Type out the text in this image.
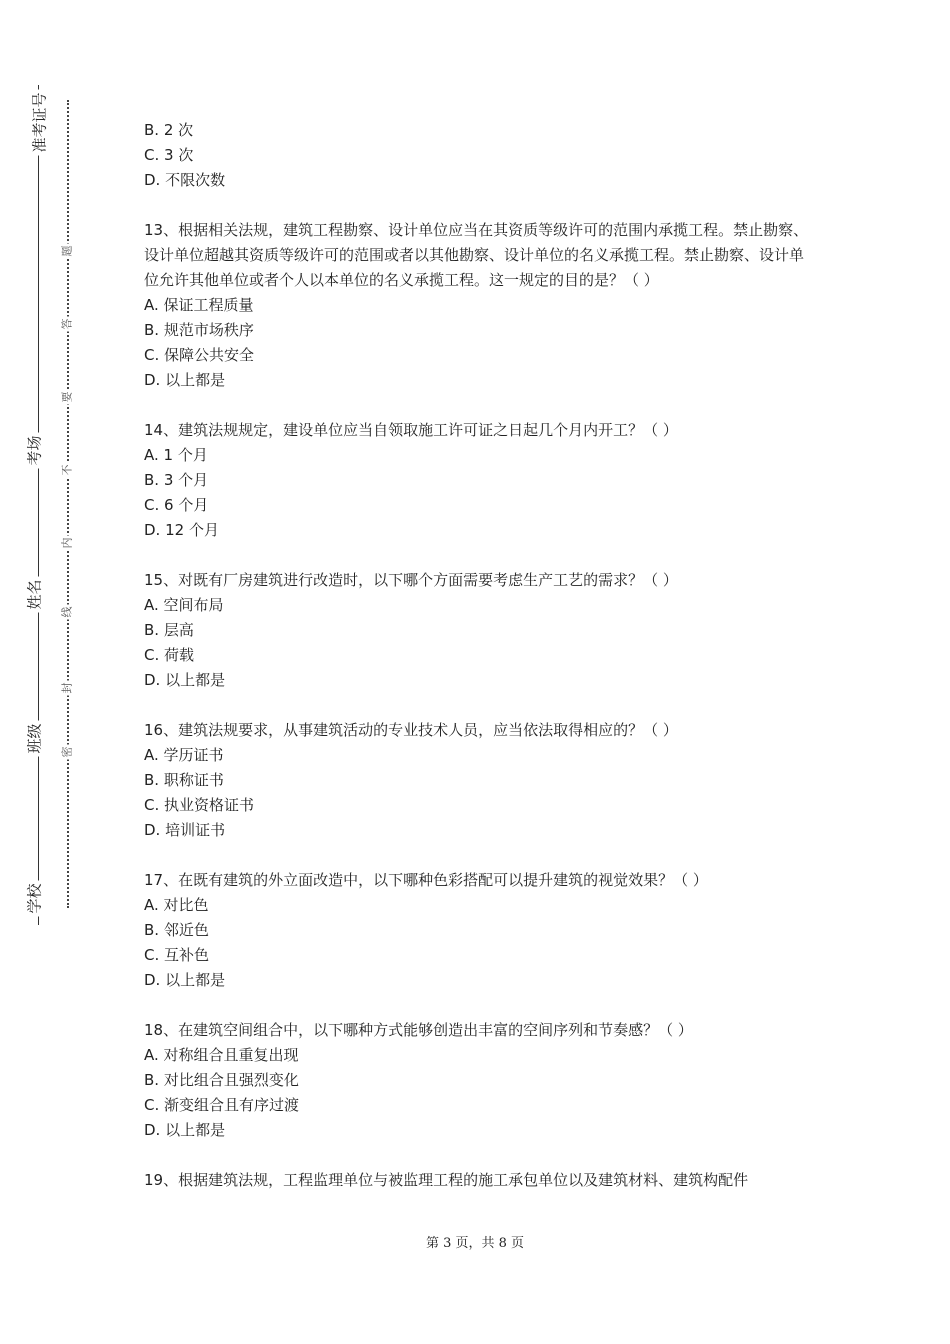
准考证号
考场
姓名
班级
学校
题
答
要
不
内
线
封
密

B. 2 次

C. 3 次

D. 不限次数

13、根据相关法规，建筑工程勘察、设计单位应当在其资质等级许可的范围内承揽工程。禁止勘察、设计单位超越其资质等级许可的范围或者以其他勘察、设计单位的名义承揽工程。禁止勘察、设计单位允许其他单位或者个人以本单位的名义承揽工程。这一规定的目的是？（ ）

A. 保证工程质量

B. 规范市场秩序

C. 保障公共安全

D. 以上都是

14、建筑法规规定，建设单位应当自领取施工许可证之日起几个月内开工？（ ）

A. 1 个月

B. 3 个月

C. 6 个月

D. 12 个月

15、对既有厂房建筑进行改造时，以下哪个方面需要考虑生产工艺的需求？（ ）

A. 空间布局

B. 层高

C. 荷载

D. 以上都是

16、建筑法规要求，从事建筑活动的专业技术人员，应当依法取得相应的？（ ）

A. 学历证书

B. 职称证书

C. 执业资格证书

D. 培训证书

17、在既有建筑的外立面改造中，以下哪种色彩搭配可以提升建筑的视觉效果？（ ）

A. 对比色

B. 邻近色

C. 互补色

D. 以上都是

18、在建筑空间组合中，以下哪种方式能够创造出丰富的空间序列和节奏感？（ ）

A. 对称组合且重复出现

B. 对比组合且强烈变化

C. 渐变组合且有序过渡

D. 以上都是

19、根据建筑法规，工程监理单位与被监理工程的施工承包单位以及建筑材料、建筑构配件

第 3 页，共 8 页
